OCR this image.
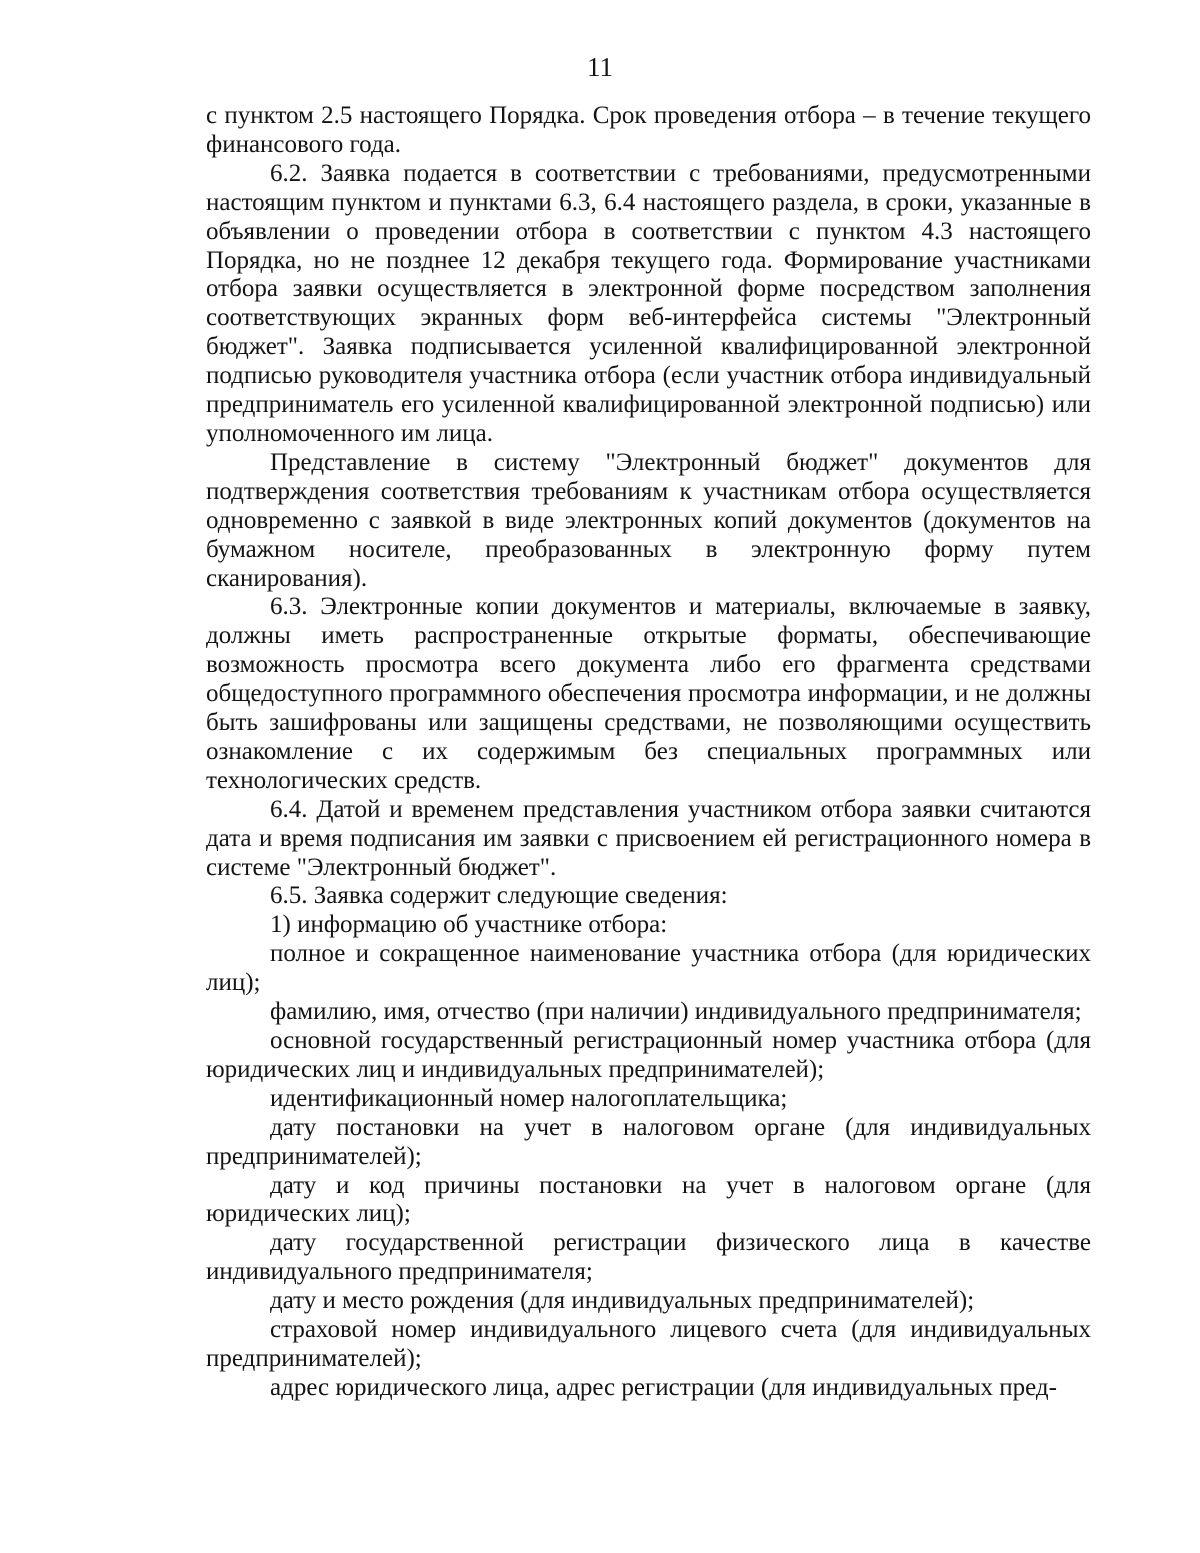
11

с пунктом 2.5 настоящего Порядка. Срок проведения отбора – в течение текущего финансового года.

6.2. Заявка подается в соответствии с требованиями, предусмотренными настоящим пунктом и пунктами 6.3, 6.4 настоящего раздела, в сроки, указанные в объявлении о проведении отбора в соответствии с пунктом 4.3 настоящего Порядка, но не позднее 12 декабря текущего года. Формирование участниками отбора заявки осуществляется в электронной форме посредством заполнения соответствующих экранных форм веб-интерфейса системы "Электронный бюджет". Заявка подписывается усиленной квалифицированной электронной подписью руководителя участника отбора (если участник отбора индивидуальный предприниматель его усиленной квалифицированной электронной подписью) или уполномоченного им лица.

Представление в систему "Электронный бюджет" документов для подтверждения соответствия требованиям к участникам отбора осуществляется одновременно с заявкой в виде электронных копий документов (документов на бумажном носителе, преобразованных в электронную форму путем сканирования).

6.3. Электронные копии документов и материалы, включаемые в заявку, должны иметь распространенные открытые форматы, обеспечивающие возможность просмотра всего документа либо его фрагмента средствами общедоступного программного обеспечения просмотра информации, и не должны быть зашифрованы или защищены средствами, не позволяющими осуществить ознакомление с их содержимым без специальных программных или технологических средств.

6.4. Датой и временем представления участником отбора заявки считаются дата и время подписания им заявки с присвоением ей регистрационного номера в системе "Электронный бюджет".

6.5. Заявка содержит следующие сведения:

1) информацию об участнике отбора:

полное и сокращенное наименование участника отбора (для юридических лиц);

фамилию, имя, отчество (при наличии) индивидуального предпринимателя;

основной государственный регистрационный номер участника отбора (для юридических лиц и индивидуальных предпринимателей);

идентификационный номер налогоплательщика;

дату постановки на учет в налоговом органе (для индивидуальных предпринимателей);

дату и код причины постановки на учет в налоговом органе (для юридических лиц);

дату государственной регистрации физического лица в качестве индивидуального предпринимателя;

дату и место рождения (для индивидуальных предпринимателей);

страховой номер индивидуального лицевого счета (для индивидуальных предпринимателей);

адрес юридического лица, адрес регистрации (для индивидуальных пред-
